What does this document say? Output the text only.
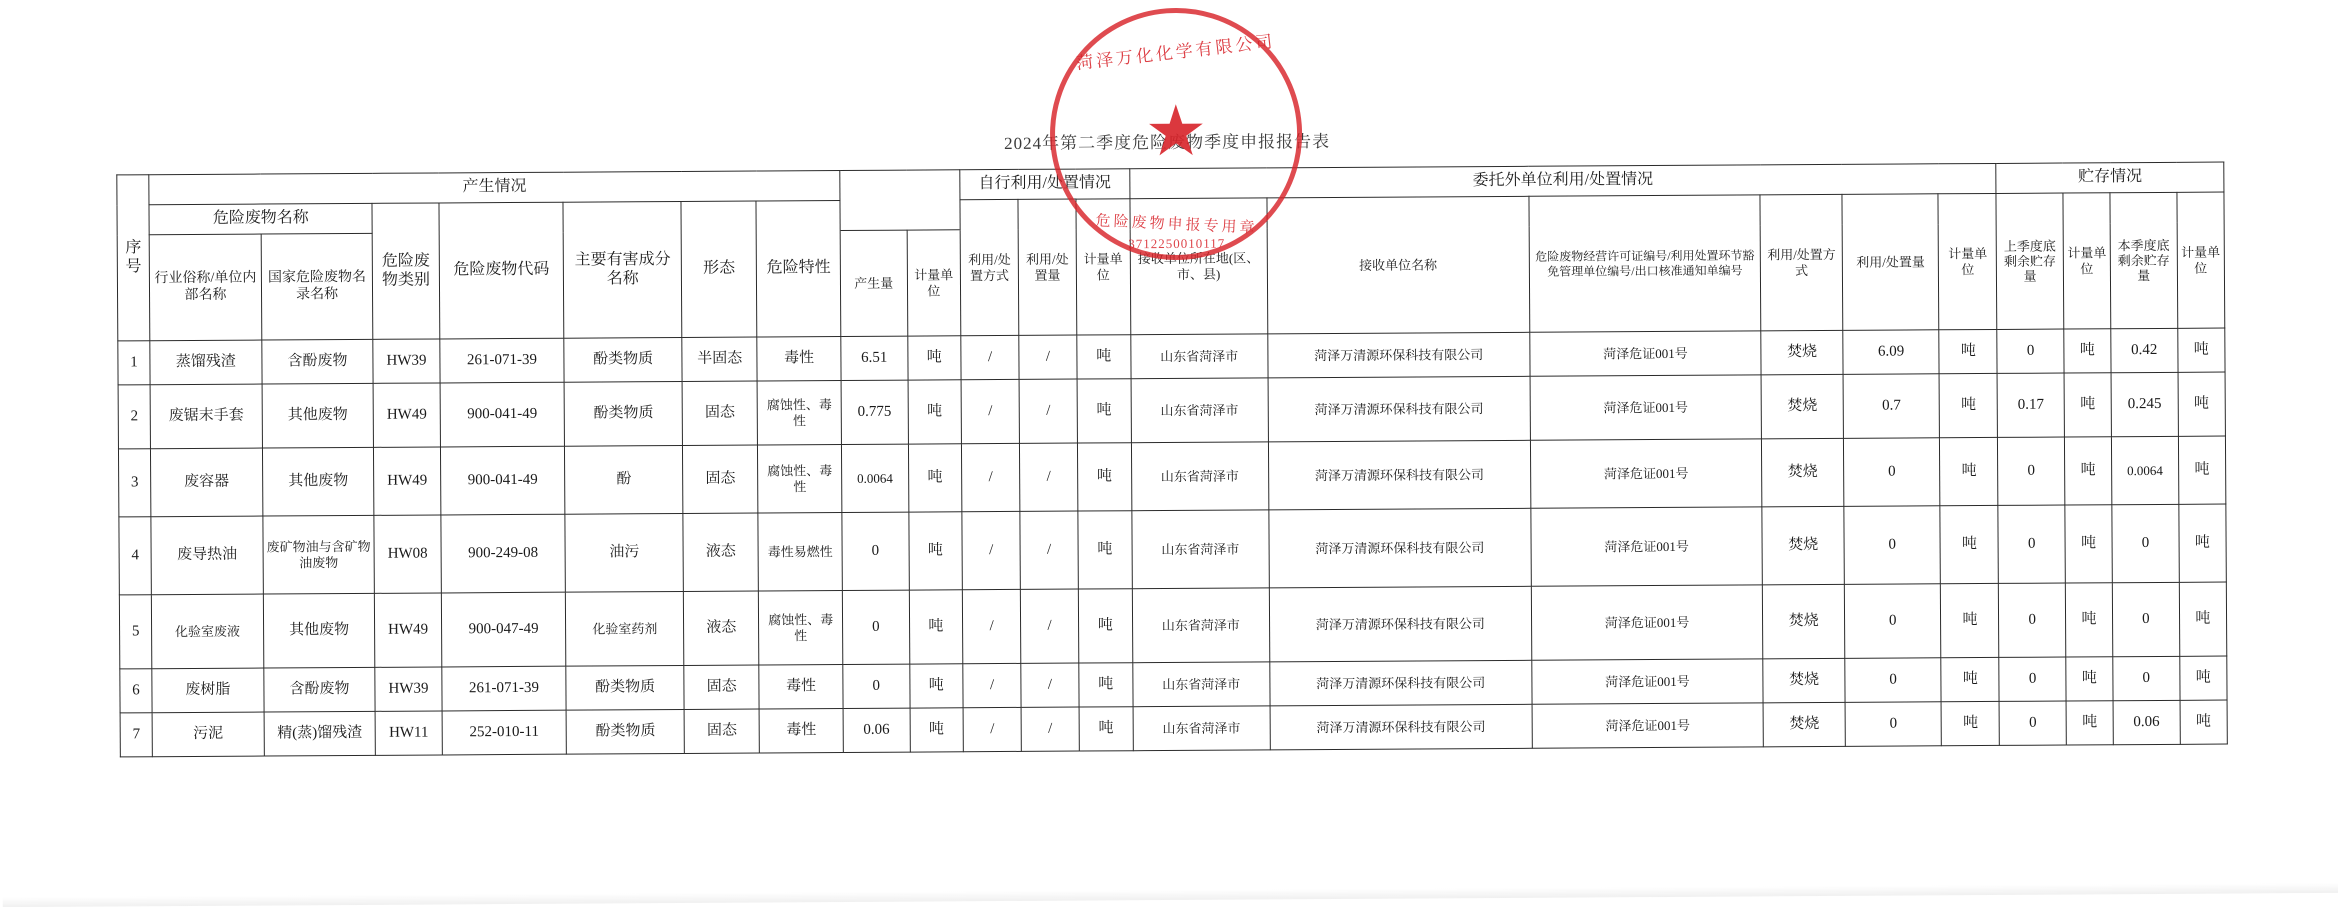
2024年第二季度危险废物季度申报报告表
序号	产生情况									自行利用/处置情况			委托外单位利用/处置情况						贮存情况			
	危险废物名称		危险废物类别	危险废物代码	主要有害成分名称	形态	危险特性			利用/处置方式	利用/处置量	计量单位	接收单位所在地(区、市、县)	接收单位名称	危险废物经营许可证编号/利用处置环节豁免管理单位编号/出口核准通知单编号	利用/处置方式	利用/处置量	计量单位	上季度底剩余贮存量	计量单位	本季度底剩余贮存量	计量单位
	行业俗称/单位内部名称	国家危险废物名录名称						产生量	计量单位													
1	蒸馏残渣	含酚废物	HW39	261-071-39	酚类物质	半固态	毒性	6.51	吨	/	/	吨	山东省菏泽市	菏泽万清源环保科技有限公司	菏泽危证001号	焚烧	6.09	吨	0	吨	0.42	吨
2	废锯末手套	其他废物	HW49	900-041-49	酚类物质	固态	腐蚀性、毒性	0.775	吨	/	/	吨	山东省菏泽市	菏泽万清源环保科技有限公司	菏泽危证001号	焚烧	0.7	吨	0.17	吨	0.245	吨
3	废容器	其他废物	HW49	900-041-49	酚	固态	腐蚀性、毒性	0.0064	吨	/	/	吨	山东省菏泽市	菏泽万清源环保科技有限公司	菏泽危证001号	焚烧	0	吨	0	吨	0.0064	吨
4	废导热油	废矿物油与含矿物油废物	HW08	900-249-08	油污	液态	毒性易燃性	0	吨	/	/	吨	山东省菏泽市	菏泽万清源环保科技有限公司	菏泽危证001号	焚烧	0	吨	0	吨	0	吨
5	化验室废液	其他废物	HW49	900-047-49	化验室药剂	液态	腐蚀性、毒性	0	吨	/	/	吨	山东省菏泽市	菏泽万清源环保科技有限公司	菏泽危证001号	焚烧	0	吨	0	吨	0	吨
6	废树脂	含酚废物	HW39	261-071-39	酚类物质	固态	毒性	0	吨	/	/	吨	山东省菏泽市	菏泽万清源环保科技有限公司	菏泽危证001号	焚烧	0	吨	0	吨	0	吨
7	污泥	精(蒸)馏残渣	HW11	252-010-11	酚类物质	固态	毒性	0.06	吨	/	/	吨	山东省菏泽市	菏泽万清源环保科技有限公司	菏泽危证001号	焚烧	0	吨	0	吨	0.06	吨
菏泽万化化学有限公司
★
危险废物申报专用章
3712250010117
